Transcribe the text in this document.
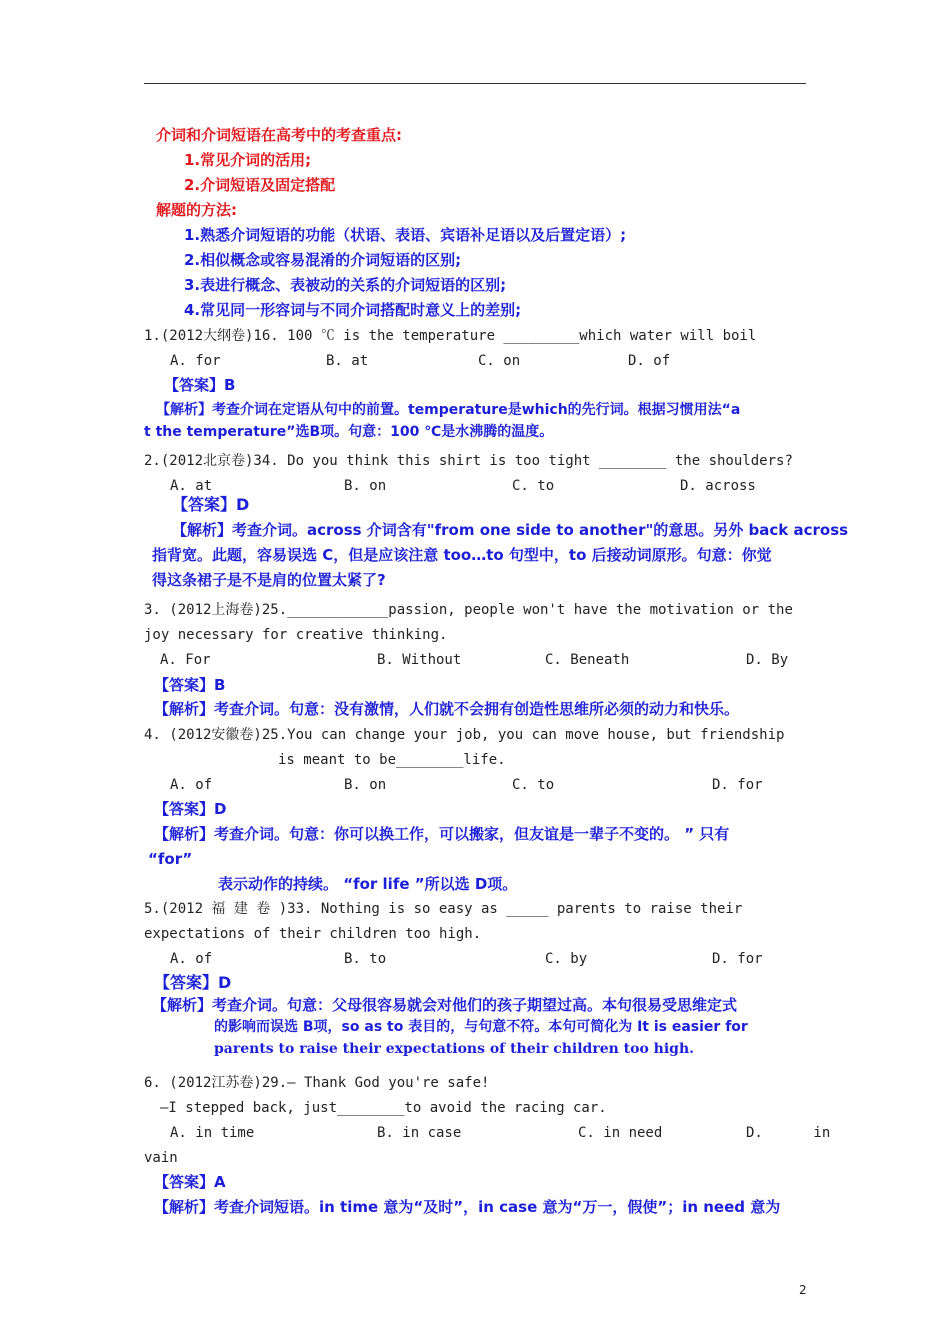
介词和介词短语在高考中的考查重点:
1.常见介词的活用;
2.介词短语及固定搭配
解题的方法:
1.熟悉介词短语的功能（状语、表语、宾语补足语以及后置定语）;
2.相似概念或容易混淆的介词短语的区别;
3.表进行概念、表被动的关系的介词短语的区别;
4.常见同一形容词与不同介词搭配时意义上的差别;
1.(2012大纲卷)16. 100 ℃ is the temperature _________which water will boil
A. for	B. at	C. on	D. of
【答案】B
【解析】考查介词在定语从句中的前置。temperature是which的先行词。根据习惯用法“a
t the temperature”选B项。句意：100 ℃是水沸腾的温度。
2.(2012北京卷)34. Do you think this shirt is too tight ________ the shoulders?
A. at	B. on	C. to	D. across
【答案】D
【解析】考查介词。across 介词含有"from one side to another"的意思。另外 back across
指背宽。此题，容易误选 C，但是应该注意 too…to 句型中，to 后接动词原形。句意：你觉
得这条裙子是不是肩的位置太紧了?
3. (2012上海卷)25.____________passion, people won't have the motivation or the
joy necessary for creative thinking.
A. For	B. Without	C. Beneath	D. By
【答案】B
【解析】考查介词。句意：没有激情，人们就不会拥有创造性思维所必须的动力和快乐。
4. (2012安徽卷)25.You can change your job, you can move house, but friendship
is meant to be________life.
A. of	B. on	C. to	D. for
【答案】D
【解析】考查介词。句意：你可以换工作，可以搬家，但友谊是一辈子不变的。 ” 只有
“for”
表示动作的持续。 “for life ”所以选 D项。
5.(2012 福 建 卷 )33. Nothing is so easy as _____ parents to raise their
expectations of their children too high.
A. of	B. to	C. by	D. for
【答案】D
【解析】考查介词。句意：父母很容易就会对他们的孩子期望过高。本句很易受思维定式
的影响而误选 B项，so as to 表目的，与句意不符。本句可简化为 It is easier for
parents to raise their expectations of their children too high.
6. (2012江苏卷)29.— Thank God you're safe!
—I stepped back, just________to avoid the racing car.
A. in time	B. in case	C. in need	D.      in
vain
【答案】A
【解析】考查介词短语。in time 意为“及时”，in case 意为“万一，假使”；in need 意为
2
